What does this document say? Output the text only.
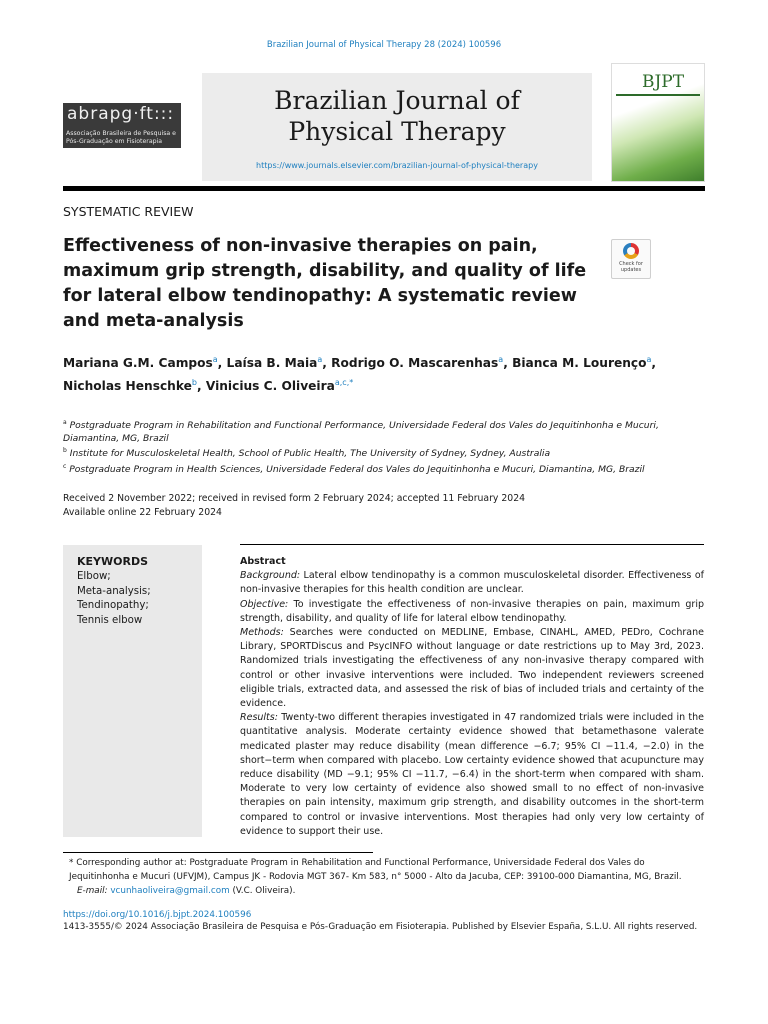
Brazilian Journal of Physical Therapy 28 (2024) 100596
abrapg·ft:::
Associação Brasileira de Pesquisa e
Pós-Graduação em Fisioterapia
Brazilian Journal of
Physical Therapy
https://www.journals.elsevier.com/brazilian-journal-of-physical-therapy
BJPT
SYSTEMATIC REVIEW
Effectiveness of non-invasive therapies on pain, maximum grip strength, disability, and quality of life for lateral elbow tendinopathy: A systematic review and meta-analysis
Check for
updates
Mariana G.M. Campos$^a$, Laísa B. Maia$^a$, Rodrigo O. Mascarenhas$^a$, Bianca M. Lourenço$^a$,
Nicholas Henschke$^b$, Vinicius C. Oliveira$^{a,c,*}$
$^a$ Postgraduate Program in Rehabilitation and Functional Performance, Universidade Federal dos Vales do Jequitinhonha e Mucuri, Diamantina, MG, Brazil
$^b$ Institute for Musculoskeletal Health, School of Public Health, The University of Sydney, Sydney, Australia
$^c$ Postgraduate Program in Health Sciences, Universidade Federal dos Vales do Jequitinhonha e Mucuri, Diamantina, MG, Brazil
Received 2 November 2022; received in revised form 2 February 2024; accepted 11 February 2024
Available online 22 February 2024
KEYWORDS
Elbow;
Meta-analysis;
Tendinopathy;
Tennis elbow
Abstract
Background: Lateral elbow tendinopathy is a common musculoskeletal disorder. Effectiveness of non-invasive therapies for this health condition are unclear.
Objective: To investigate the effectiveness of non-invasive therapies on pain, maximum grip strength, disability, and quality of life for lateral elbow tendinopathy.
Methods: Searches were conducted on MEDLINE, Embase, CINAHL, AMED, PEDro, Cochrane Library, SPORTDiscus and PsycINFO without language or date restrictions up to May 3rd, 2023. Randomized trials investigating the effectiveness of any non-invasive therapy compared with control or other invasive interventions were included. Two independent reviewers screened eligible trials, extracted data, and assessed the risk of bias of included trials and certainty of the evidence.
Results: Twenty-two different therapies investigated in 47 randomized trials were included in the quantitative analysis. Moderate certainty evidence showed that betamethasone valerate medicated plaster may reduce disability (mean difference −6.7; 95% CI −11.4, −2.0) in the short−term when compared with placebo. Low certainty evidence showed that acupuncture may reduce disability (MD −9.1; 95% CI −11.7, −6.4) in the short-term when compared with sham. Moderate to very low certainty of evidence also showed small to no effect of non-invasive therapies on pain intensity, maximum grip strength, and disability outcomes in the short-term compared to control or invasive interventions. Most therapies had only very low certainty of evidence to support their use.
* Corresponding author at: Postgraduate Program in Rehabilitation and Functional Performance, Universidade Federal dos Vales do Jequitinhonha e Mucuri (UFVJM), Campus JK - Rodovia MGT 367- Km 583, n° 5000 - Alto da Jacuba, CEP: 39100-000 Diamantina, MG, Brazil.
E-mail: vcunhaoliveira@gmail.com (V.C. Oliveira).
https://doi.org/10.1016/j.bjpt.2024.100596
1413-3555/© 2024 Associação Brasileira de Pesquisa e Pós-Graduação em Fisioterapia. Published by Elsevier España, S.L.U. All rights reserved.
